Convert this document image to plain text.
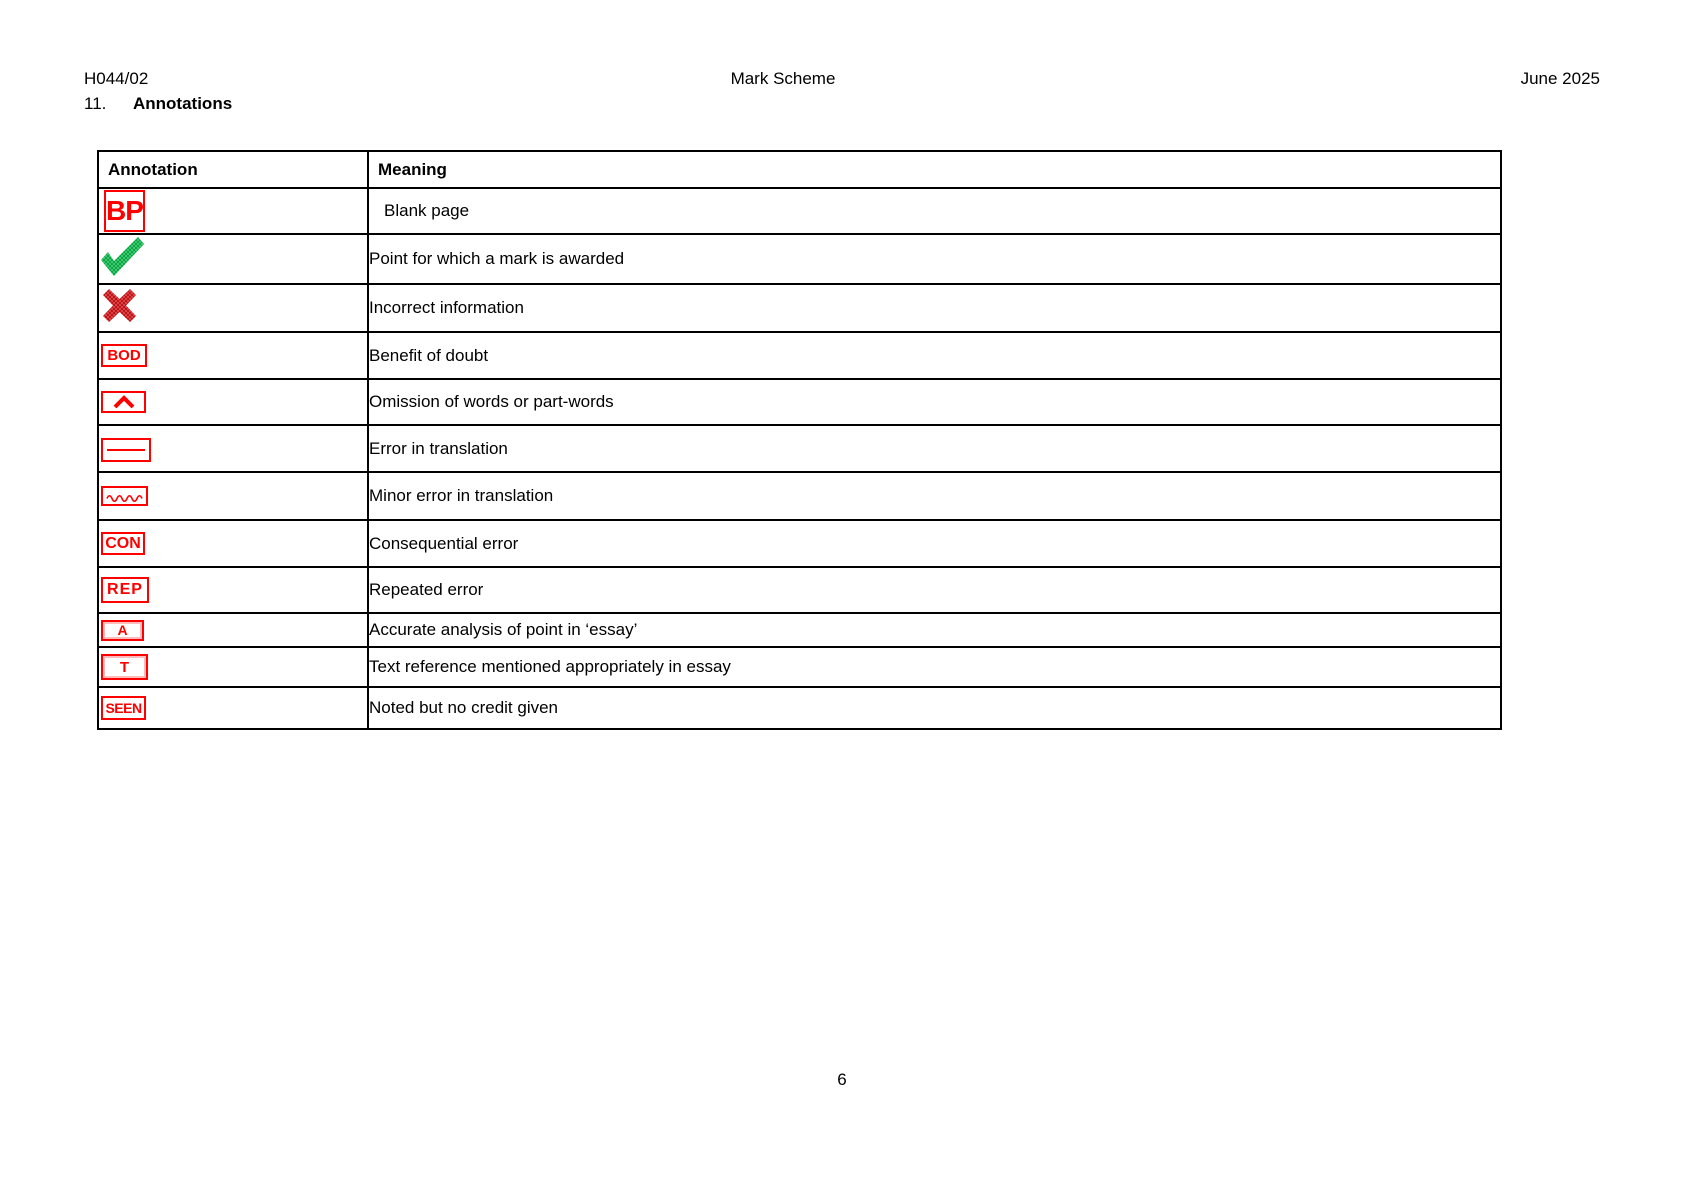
H044/02	Mark Scheme	June 2025
11. Annotations
Annotation	Meaning
BP	Blank page

	Point for which a mark is awarded

	Incorrect information
BOD	Benefit of doubt

	Omission of words or part-words

	Error in translation

	Minor error in translation
CON	Consequential error
REP	Repeated error
A	Accurate analysis of point in ‘essay’
T	Text reference mentioned appropriately in essay
SEEN	Noted but no credit given
6
